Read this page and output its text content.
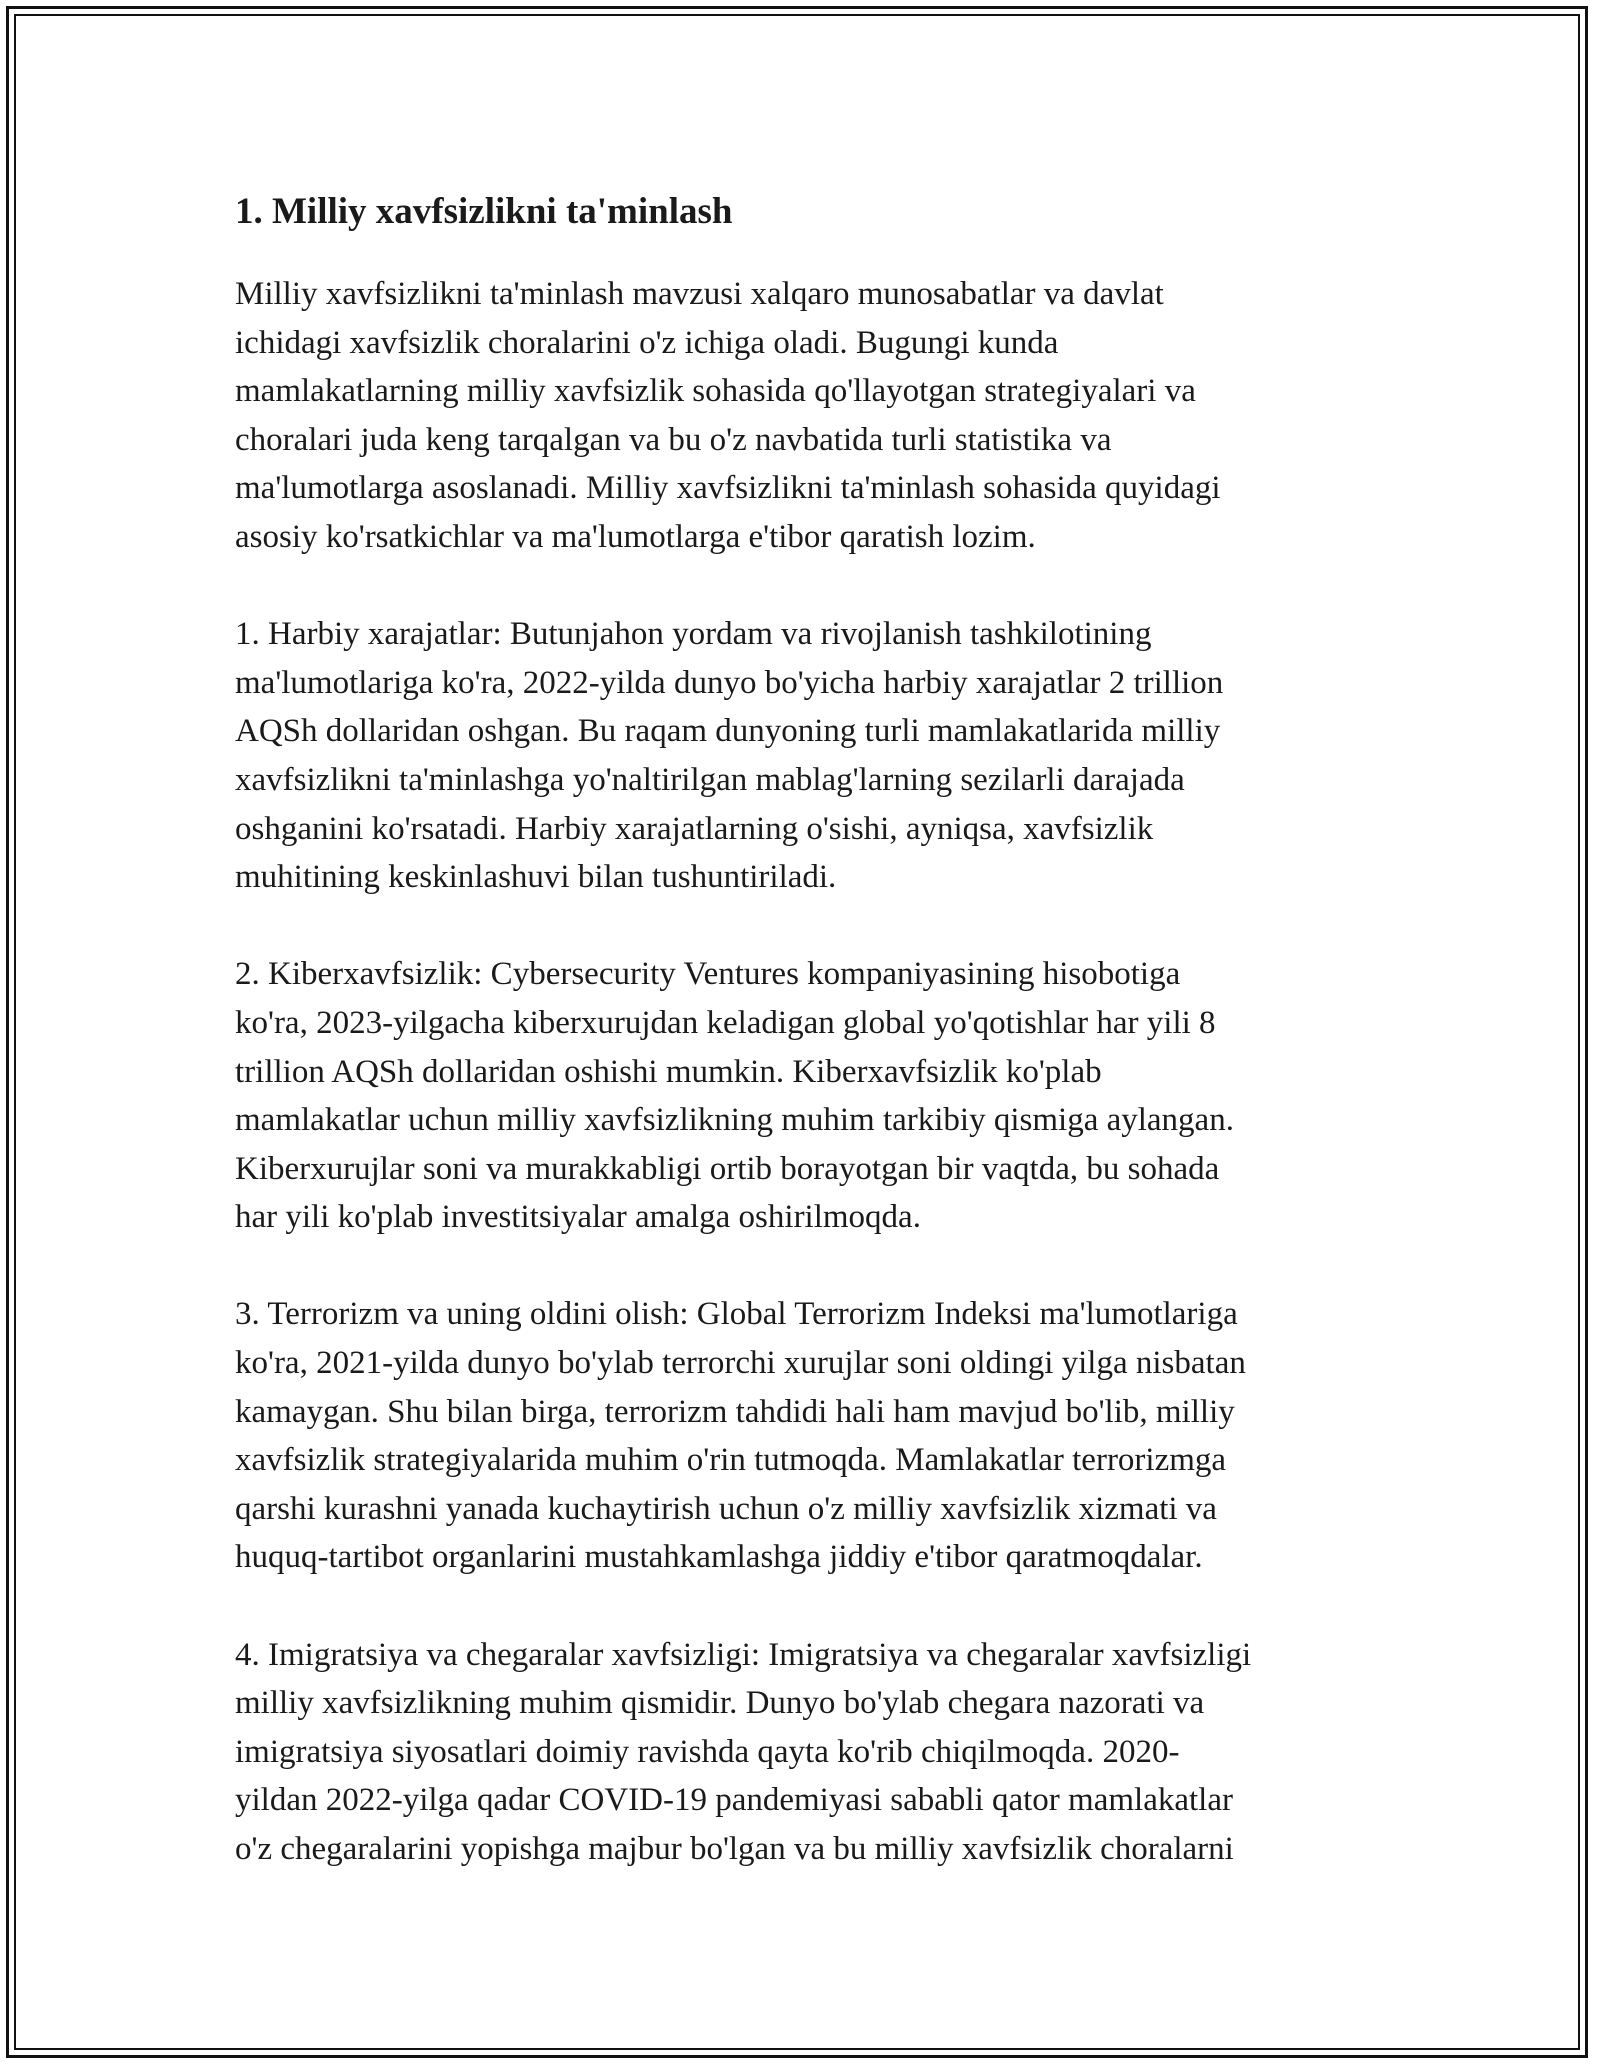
1. Milliy xavfsizlikni ta'minlash

Milliy xavfsizlikni ta'minlash mavzusi xalqaro munosabatlar va davlat
ichidagi xavfsizlik choralarini o'z ichiga oladi. Bugungi kunda
mamlakatlarning milliy xavfsizlik sohasida qo'llayotgan strategiyalari va
choralari juda keng tarqalgan va bu o'z navbatida turli statistika va
ma'lumotlarga asoslanadi. Milliy xavfsizlikni ta'minlash sohasida quyidagi
asosiy ko'rsatkichlar va ma'lumotlarga e'tibor qaratish lozim.

1. Harbiy xarajatlar: Butunjahon yordam va rivojlanish tashkilotining
ma'lumotlariga ko'ra, 2022-yilda dunyo bo'yicha harbiy xarajatlar 2 trillion
AQSh dollaridan oshgan. Bu raqam dunyoning turli mamlakatlarida milliy
xavfsizlikni ta'minlashga yo'naltirilgan mablag'larning sezilarli darajada
oshganini ko'rsatadi. Harbiy xarajatlarning o'sishi, ayniqsa, xavfsizlik
muhitining keskinlashuvi bilan tushuntiriladi.

2. Kiberxavfsizlik: Cybersecurity Ventures kompaniyasining hisobotiga
ko'ra, 2023-yilgacha kiberxurujdan keladigan global yo'qotishlar har yili 8
trillion AQSh dollaridan oshishi mumkin. Kiberxavfsizlik ko'plab
mamlakatlar uchun milliy xavfsizlikning muhim tarkibiy qismiga aylangan.
Kiberxurujlar soni va murakkabligi ortib borayotgan bir vaqtda, bu sohada
har yili ko'plab investitsiyalar amalga oshirilmoqda.

3. Terrorizm va uning oldini olish: Global Terrorizm Indeksi ma'lumotlariga
ko'ra, 2021-yilda dunyo bo'ylab terrorchi xurujlar soni oldingi yilga nisbatan
kamaygan. Shu bilan birga, terrorizm tahdidi hali ham mavjud bo'lib, milliy
xavfsizlik strategiyalarida muhim o'rin tutmoqda. Mamlakatlar terrorizmga
qarshi kurashni yanada kuchaytirish uchun o'z milliy xavfsizlik xizmati va
huquq-tartibot organlarini mustahkamlashga jiddiy e'tibor qaratmoqdalar.

4. Imigratsiya va chegaralar xavfsizligi: Imigratsiya va chegaralar xavfsizligi
milliy xavfsizlikning muhim qismidir. Dunyo bo'ylab chegara nazorati va
imigratsiya siyosatlari doimiy ravishda qayta ko'rib chiqilmoqda. 2020-
yildan 2022-yilga qadar COVID-19 pandemiyasi sababli qator mamlakatlar
o'z chegaralarini yopishga majbur bo'lgan va bu milliy xavfsizlik choralarni
